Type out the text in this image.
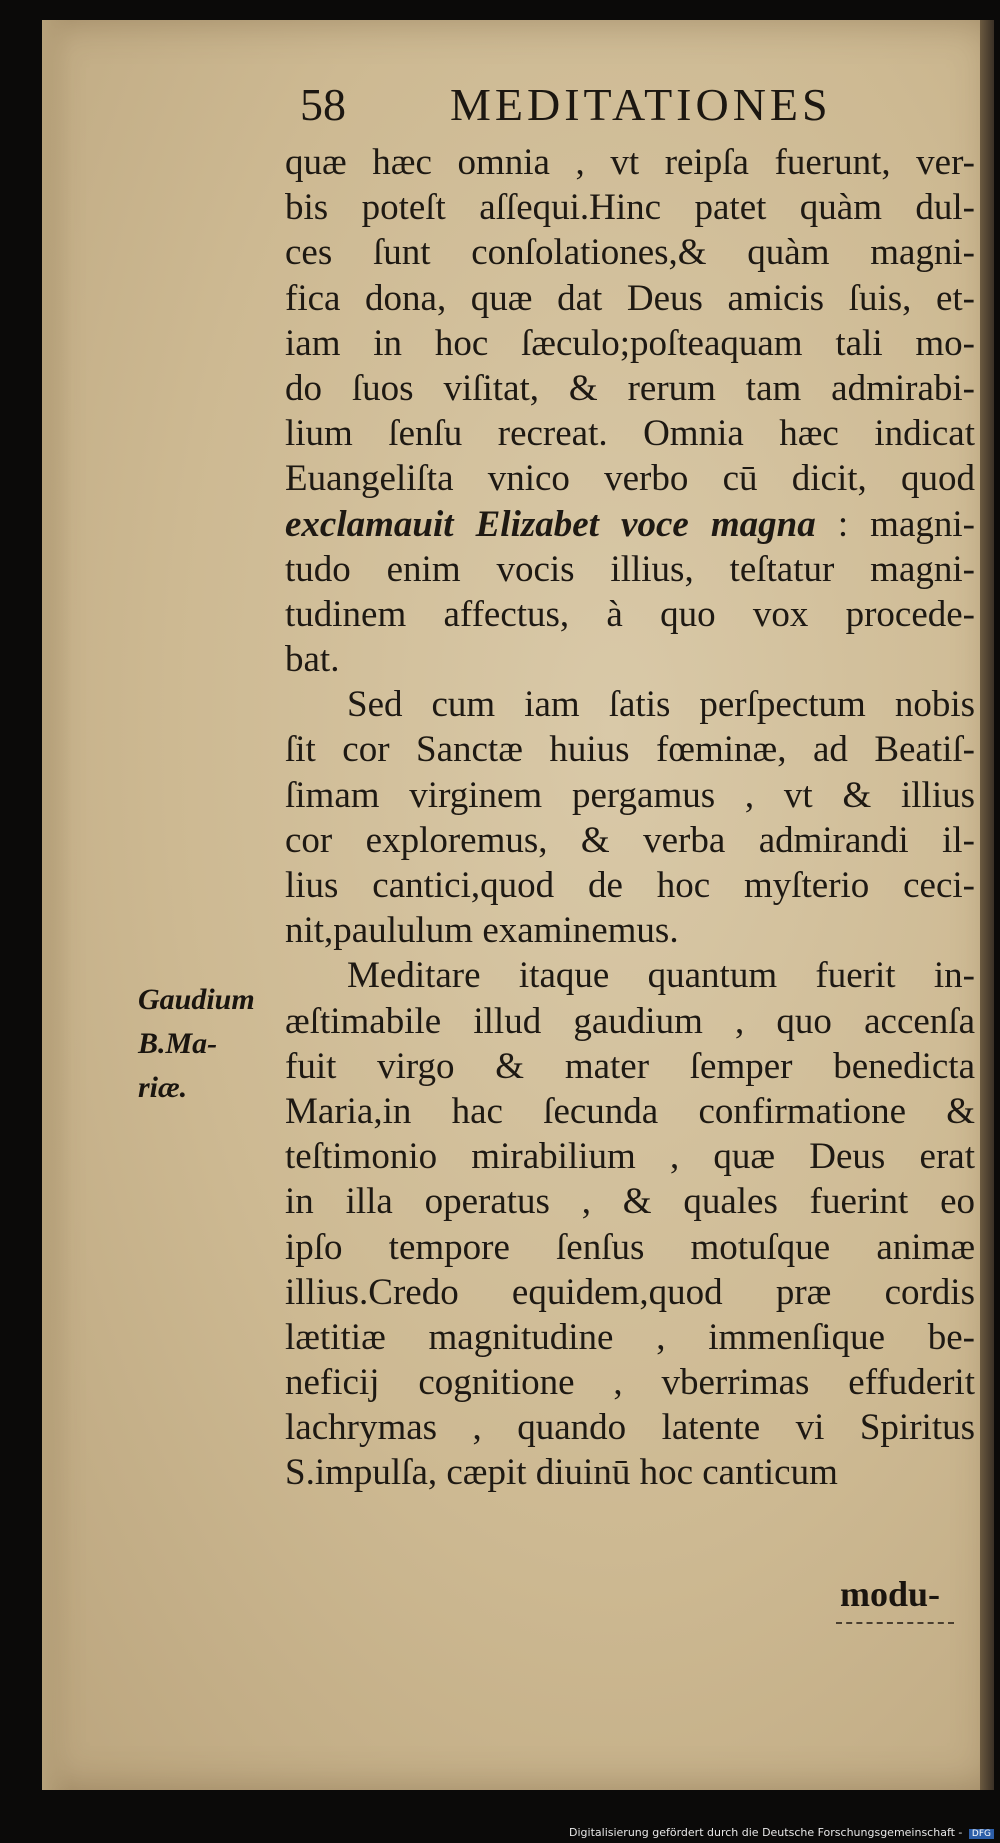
58 MEDITATIONES
quæ hæc omnia , vt reipſa fuerunt, ver-
bis poteſt aſſequi.Hinc patet quàm dul-
ces ſunt conſolationes,& quàm magni-
fica dona, quæ dat Deus amicis ſuis, et-
iam in hoc ſæculo;poſteaquam tali mo-
do ſuos viſitat, & rerum tam admirabi-
lium ſenſu recreat. Omnia hæc indicat
Euangeliſta vnico verbo cū dicit, quod
exclamauit Elizabet voce magna : magni-
tudo enim vocis illius, teſtatur magni-
tudinem affectus, à quo vox procede-
bat.
Sed cum iam ſatis perſpectum nobis
ſit cor Sanctæ huius fœminæ, ad Beatiſ-
ſimam virginem pergamus , vt & illius
cor exploremus, & verba admirandi il-
lius cantici,quod de hoc myſterio ceci-
nit,paululum examinemus.
Meditare itaque quantum fuerit in-
æſtimabile illud gaudium , quo accenſa
fuit virgo & mater ſemper benedicta
Maria,in hac ſecunda confirmatione &
teſtimonio mirabilium , quæ Deus erat
in illa operatus , & quales fuerint eo
ipſo tempore ſenſus motuſque animæ
illius.Credo equidem,quod præ cordis
lætitiæ magnitudine , immenſique be-
neficij cognitione , vberrimas effuderit
lachrymas , quando latente vi Spiritus
S.impulſa, cæpit diuinū hoc canticum
Gaudium
B.Ma-
riæ.
modu-
Digitalisierung gefördert durch die Deutsche Forschungsgemeinschaft - DFG
